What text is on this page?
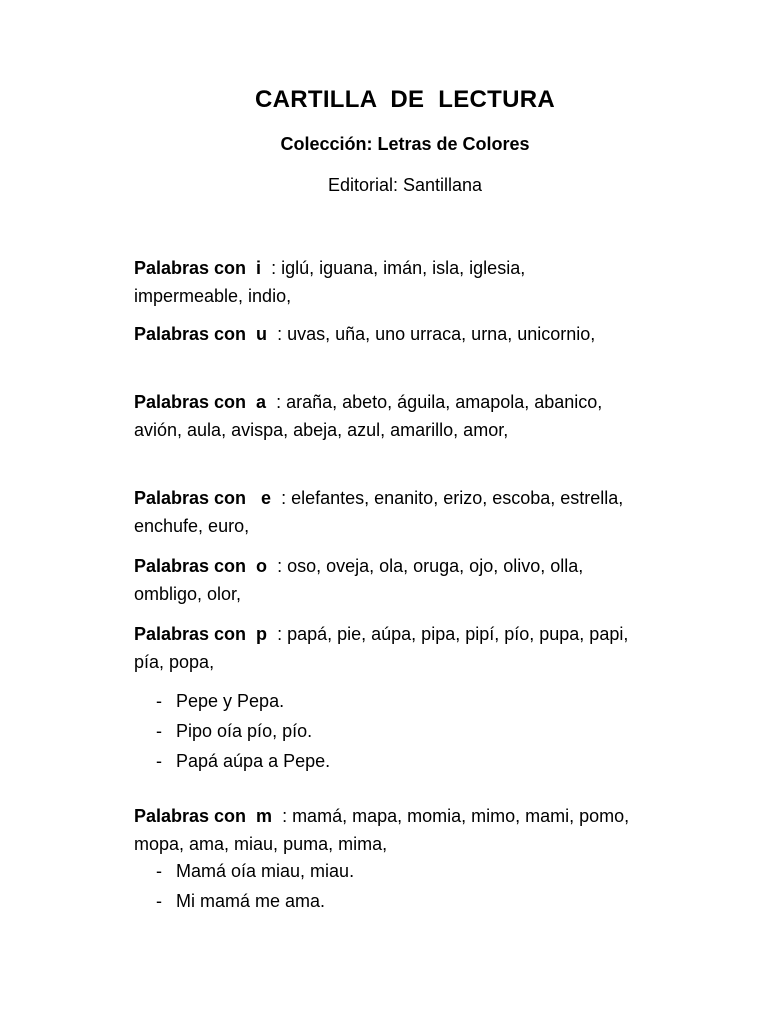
CARTILLA  DE  LECTURA
Colección: Letras de Colores
Editorial: Santillana
Palabras con  i  : iglú, iguana, imán, isla, iglesia, impermeable, indio,
Palabras con  u  : uvas, uña, uno urraca, urna, unicornio,
Palabras con  a  : araña, abeto, águila, amapola, abanico, avión, aula, avispa, abeja, azul, amarillo, amor,
Palabras con   e  : elefantes, enanito, erizo, escoba, estrella, enchufe, euro,
Palabras con  o  : oso, oveja, ola, oruga, ojo, olivo, olla, ombligo, olor,
Palabras con  p  : papá, pie, aúpa, pipa, pipí, pío, pupa, papi, pía, popa,
- Pepe y Pepa.
- Pipo oía pío, pío.
- Papá aúpa a Pepe.
Palabras con  m  : mamá, mapa, momia, mimo, mami, pomo, mopa, ama, miau, puma, mima,
- Mamá oía miau, miau.
- Mi mamá me ama.
